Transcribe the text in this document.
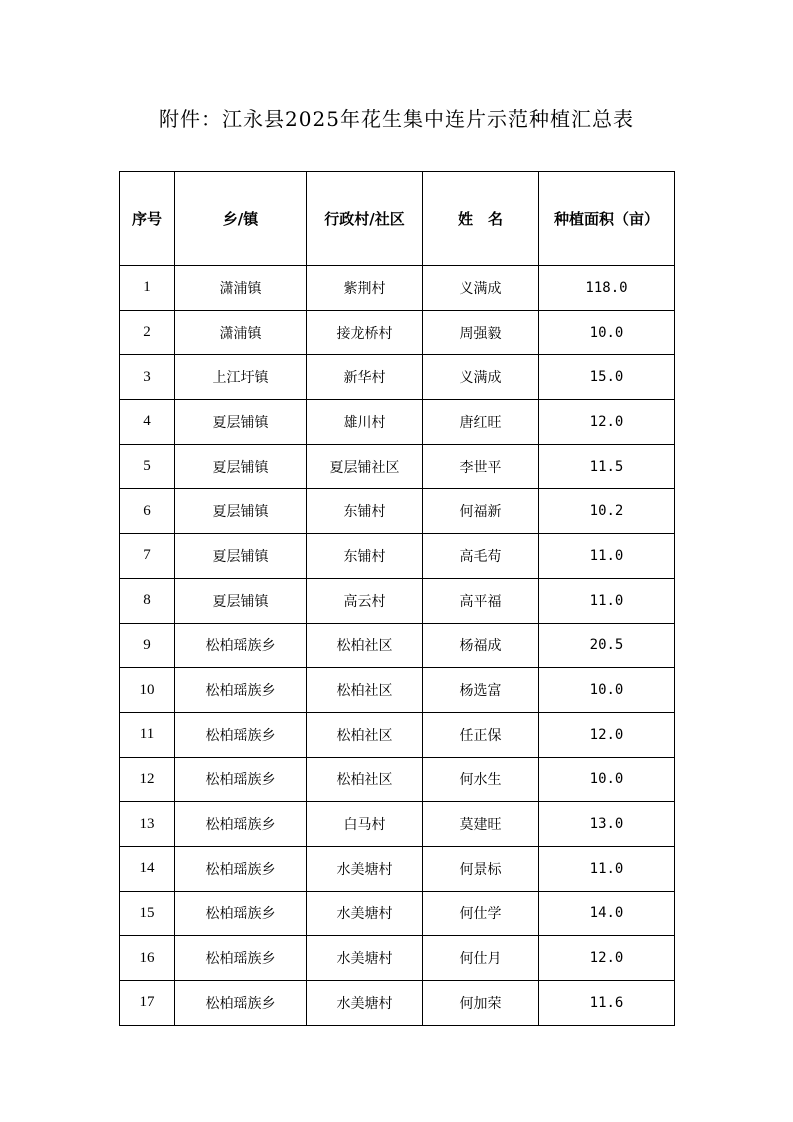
附件：江永县2025年花生集中连片示范种植汇总表
序号	乡/镇	行政村/社区	姓　名	种植面积（亩）
1	潇浦镇	紫荆村	义满成	118.0
2	潇浦镇	接龙桥村	周强毅	10.0
3	上江圩镇	新华村	义满成	15.0
4	夏层铺镇	雄川村	唐红旺	12.0
5	夏层铺镇	夏层铺社区	李世平	11.5
6	夏层铺镇	东铺村	何福新	10.2
7	夏层铺镇	东铺村	高毛苟	11.0
8	夏层铺镇	高云村	高平福	11.0
9	松柏瑶族乡	松柏社区	杨福成	20.5
10	松柏瑶族乡	松柏社区	杨选富	10.0
11	松柏瑶族乡	松柏社区	任正保	12.0
12	松柏瑶族乡	松柏社区	何水生	10.0
13	松柏瑶族乡	白马村	莫建旺	13.0
14	松柏瑶族乡	水美塘村	何景标	11.0
15	松柏瑶族乡	水美塘村	何仕学	14.0
16	松柏瑶族乡	水美塘村	何仕月	12.0
17	松柏瑶族乡	水美塘村	何加荣	11.6
